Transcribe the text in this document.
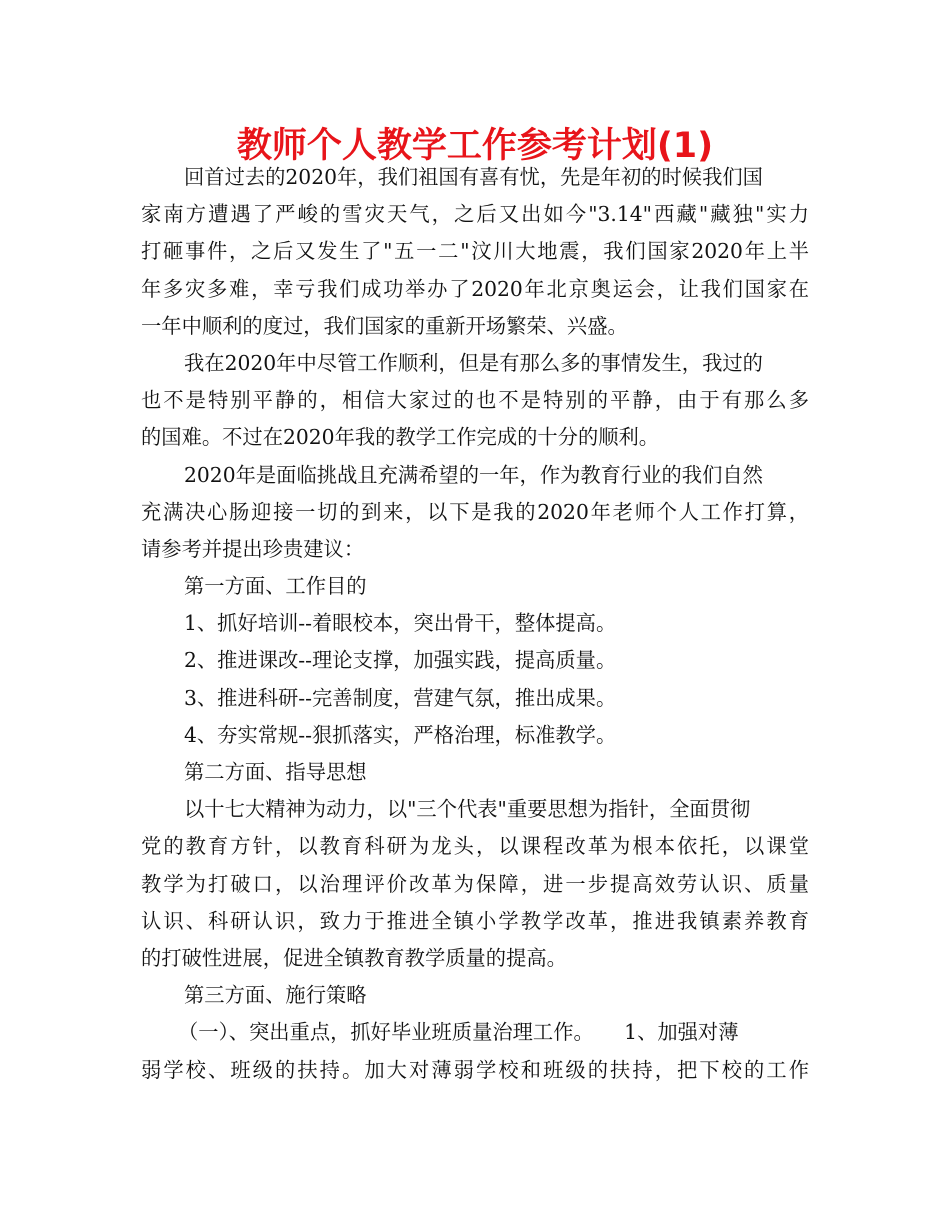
教师个人教学工作参考计划(1)
回首过去的2020年，我们祖国有喜有忧，先是年初的时候我们国
家南方遭遇了严峻的雪灾天气，之后又出如今"3.14"西藏"藏独"实力
打砸事件，之后又发生了"五一二"汶川大地震，我们国家2020年上半
年多灾多难，幸亏我们成功举办了2020年北京奥运会，让我们国家在
一年中顺利的度过，我们国家的重新开场繁荣、兴盛。
我在2020年中尽管工作顺利，但是有那么多的事情发生，我过的
也不是特别平静的，相信大家过的也不是特别的平静，由于有那么多
的国难。不过在2020年我的教学工作完成的十分的顺利。
2020年是面临挑战且充满希望的一年，作为教育行业的我们自然
充满决心肠迎接一切的到来，以下是我的2020年老师个人工作打算，
请参考并提出珍贵建议：
第一方面、工作目的
1、抓好培训--着眼校本，突出骨干，整体提高。
2、推进课改--理论支撑，加强实践，提高质量。
3、推进科研--完善制度，营建气氛，推出成果。
4、夯实常规--狠抓落实，严格治理，标准教学。
第二方面、指导思想
以十七大精神为动力，以"三个代表"重要思想为指针，全面贯彻
党的教育方针，以教育科研为龙头，以课程改革为根本依托，以课堂
教学为打破口，以治理评价改革为保障，进一步提高效劳认识、质量
认识、科研认识，致力于推进全镇小学教学改革，推进我镇素养教育
的打破性进展，促进全镇教育教学质量的提高。
第三方面、施行策略
（一）、突出重点，抓好毕业班质量治理工作。　　1、加强对薄
弱学校、班级的扶持。加大对薄弱学校和班级的扶持，把下校的工作
